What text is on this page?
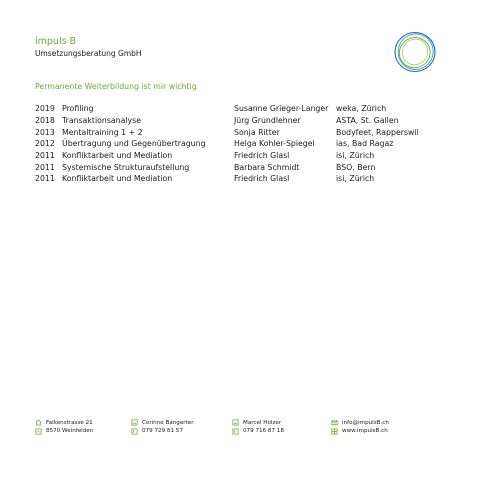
impuls B
Umsetzungsberatung GmbH
Permanente Weiterbildung ist mir wichtig
2019	Profiling	Susanne Grieger-Langer	weka, Zürich
2018	Transaktionsanalyse	Jürg Grundlehner	ASTA, St. Gallen
2013	Mentaltraining 1 + 2	Sonja Ritter	Bodyfeet, Rapperswil
2012	Übertragung und Gegenübertragung	Helga Kohler-Spiegel	ias, Bad Ragaz
2011	Konfliktarbeit und Mediation	Friedrich Glasl	isi, Zürich
2011	Systemische Strukturaufstellung	Barbara Schmidt	BSO, Bern
2011	Konfliktarbeit und Mediation	Friedrich Glasl	isi, Zürich
Falkenstrasse 21
8570 Weinfelden
Corinne Bangerter
079 729 81 57
Marcel Holzer
079 716 87 18
info@impulsB.ch
www.impulsB.ch
